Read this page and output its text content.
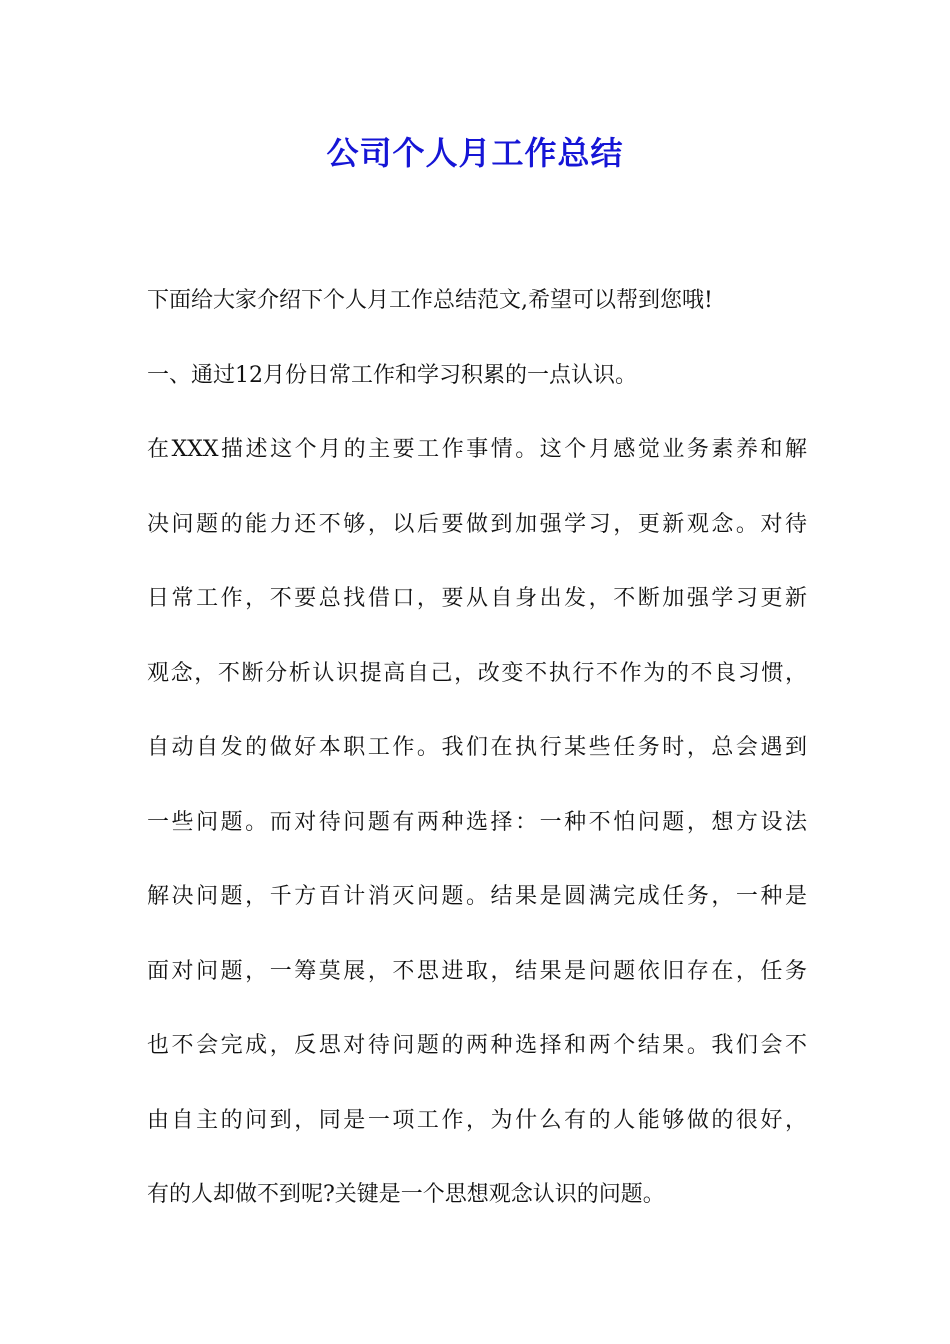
公司个人月工作总结
下面给大家介绍下个人月工作总结范文,希望可以帮到您哦!
一、通过12月份日常工作和学习积累的一点认识。
在XXX描述这个月的主要工作事情。这个月感觉业务素养和解
决问题的能力还不够，以后要做到加强学习，更新观念。对待
日常工作，不要总找借口，要从自身出发，不断加强学习更新
观念，不断分析认识提高自己，改变不执行不作为的不良习惯，
自动自发的做好本职工作。我们在执行某些任务时，总会遇到
一些问题。而对待问题有两种选择：一种不怕问题，想方设法
解决问题，千方百计消灭问题。结果是圆满完成任务，一种是
面对问题，一筹莫展，不思进取，结果是问题依旧存在，任务
也不会完成，反思对待问题的两种选择和两个结果。我们会不
由自主的问到，同是一项工作，为什么有的人能够做的很好，
有的人却做不到呢?关键是一个思想观念认识的问题。
